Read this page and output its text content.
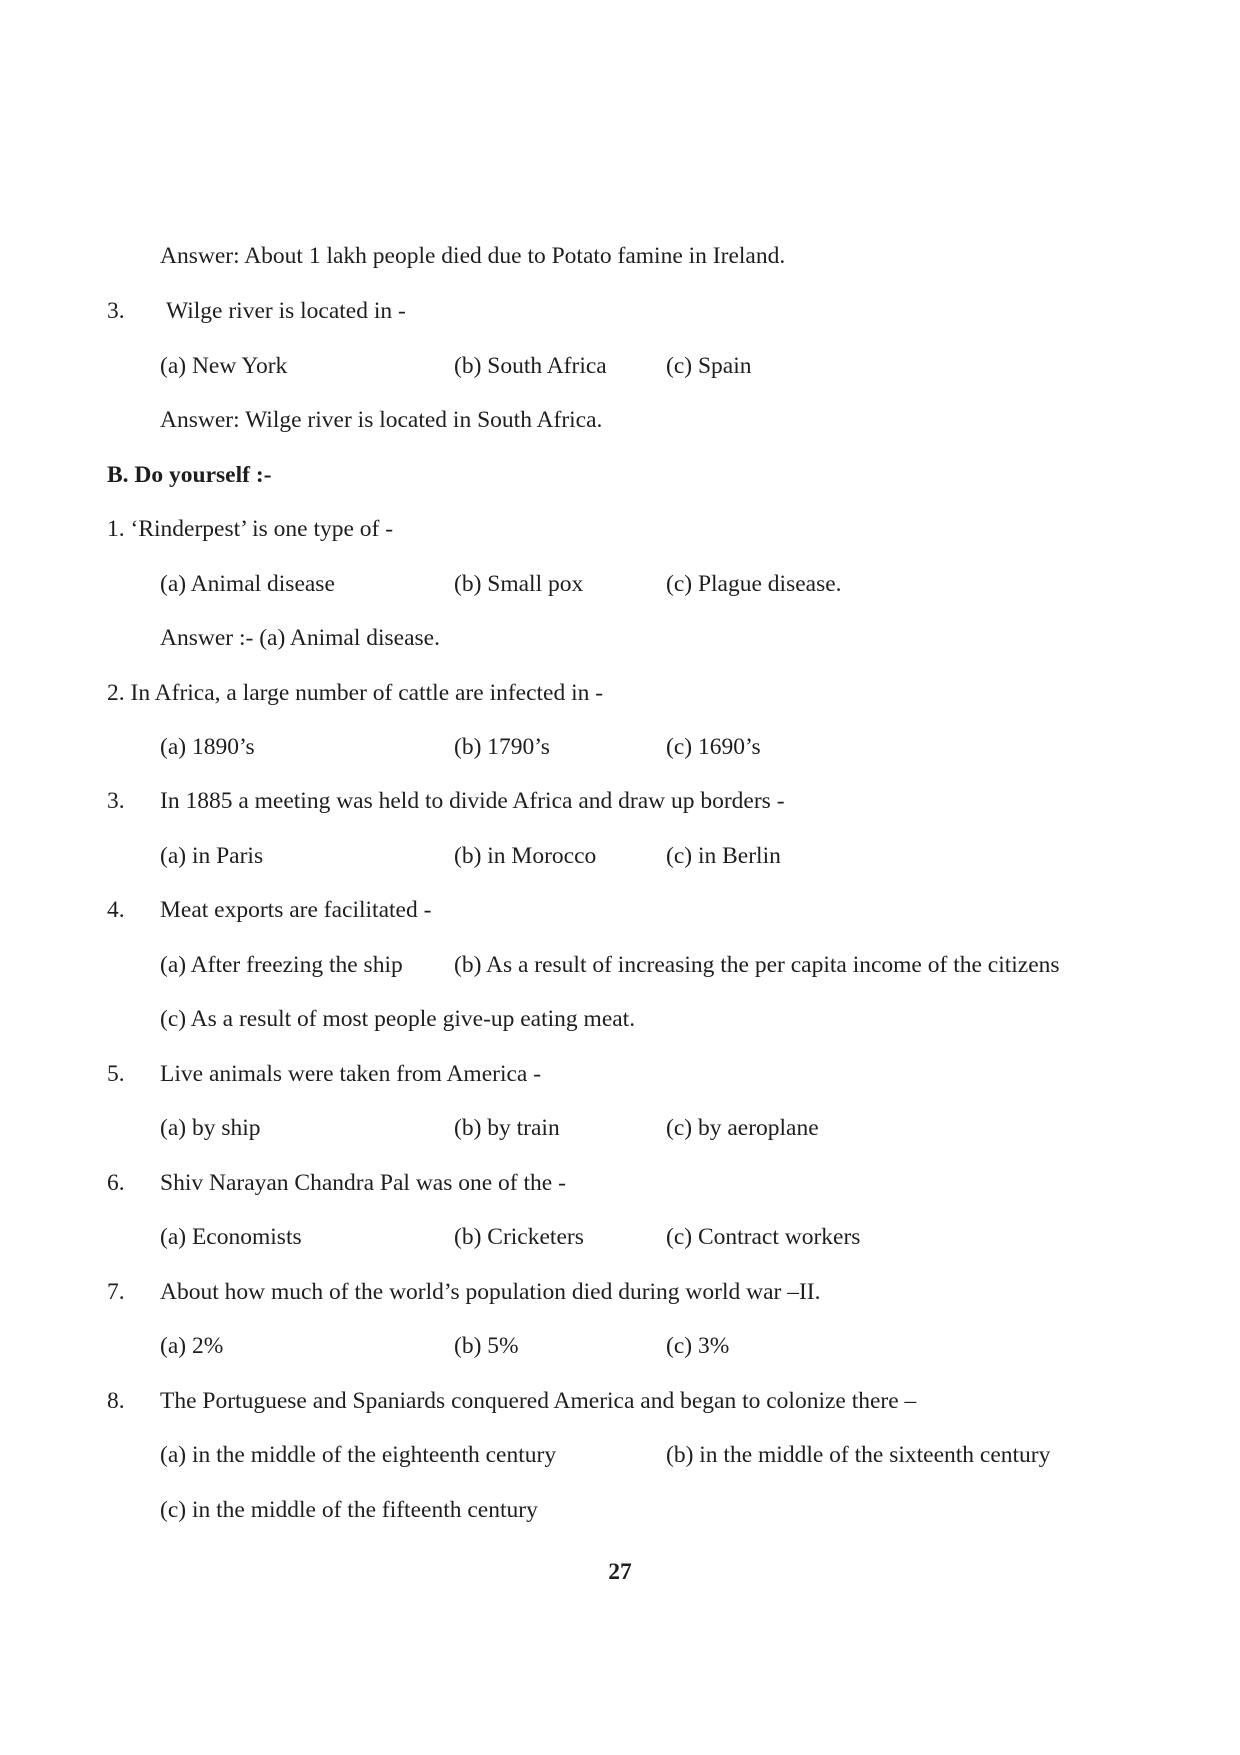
Answer: About 1 lakh people died due to Potato famine in Ireland.
3. Wilge river is located in -
(a) New York	(b) South Africa	(c) Spain
Answer: Wilge river is located in South Africa.
B. Do yourself :-
1. ‘Rinderpest’ is one type of -
(a) Animal disease	(b) Small pox	(c) Plague disease.
Answer :- (a) Animal disease.
2. In Africa, a large number of cattle are infected in -
(a) 1890’s	(b) 1790’s	(c) 1690’s
3. In 1885 a meeting was held to divide Africa and draw up borders -
(a) in Paris	(b) in Morocco	(c) in Berlin
4. Meat exports are facilitated -
(a) After freezing the ship (b) As a result of increasing the per capita income of the citizens
(c) As a result of most people give-up eating meat.
5. Live animals were taken from America -
(a) by ship	(b) by train	(c) by aeroplane
6. Shiv Narayan Chandra Pal was one of the -
(a) Economists	(b) Cricketers	(c) Contract workers
7. About how much of the world’s population died during world war –II.
(a) 2%	(b) 5%	(c) 3%
8. The Portuguese and Spaniards conquered America and began to colonize there –
(a) in the middle of the eighteenth century	(b) in the middle of the sixteenth century
(c) in the middle of the fifteenth century
27
